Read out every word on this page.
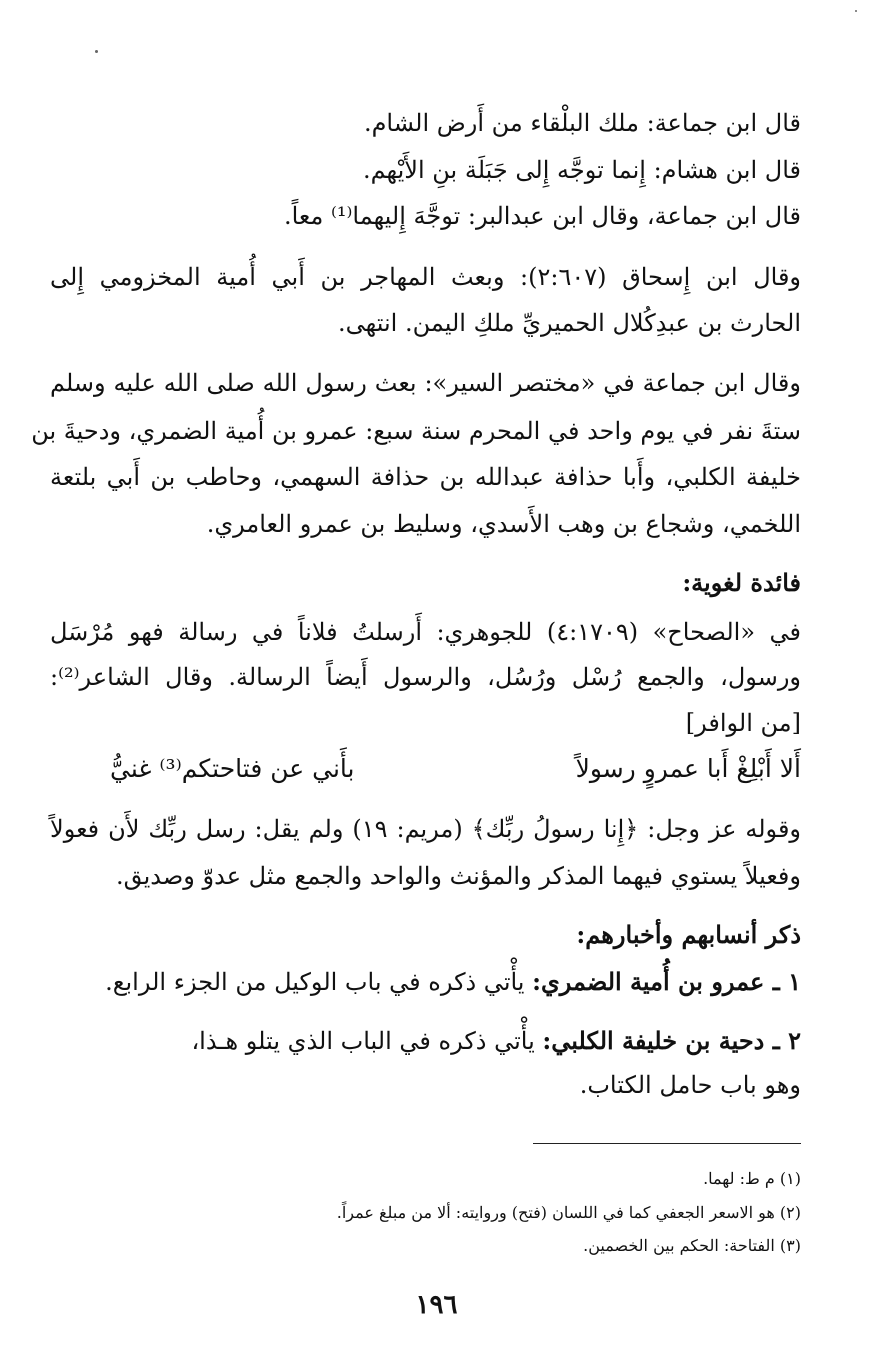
قال ابن جماعة: ملك البلْقاء من أَرض الشام.
قال ابن هشام: إِنما توجَّه إِلى جَبَلَة بنِ الأَيْهم.
قال ابن جماعة، وقال ابن عبدالبر: توجَّهَ إِليهما⁽¹⁾ معاً.
وقال ابن إِسحاق (٢:٦٠٧): وبعث المهاجر بن أَبي أُمية المخزومي إِلى
الحارث بن عبدِكُلال الحميريِّ ملكِ اليمن. انتهى.
وقال ابن جماعة في «مختصر السير»: بعث رسول الله صلى الله عليه وسلم
ستةَ نفر في يوم واحد في المحرم سنة سبع: عمرو بن أُمية الضمري، ودحيةَ بن
خليفة الكلبي، وأَبا حذافة عبدالله بن حذافة السهمي، وحاطب بن أَبي بلتعة
اللخمي، وشجاع بن وهب الأَسدي، وسليط بن عمرو العامري.
فائدة لغوية:
في «الصحاح» (٤:١٧٠٩) للجوهري: أَرسلتُ فلاناً في رسالة فهو مُرْسَل
ورسول، والجمع رُسْل ورُسُل، والرسول أَيضاً الرسالة. وقال الشاعر⁽²⁾:
[من الوافر]
أَلا أَبْلِغْ أَبا عمروٍ رسولاً
بأَني عن فتاحتكم⁽³⁾ غنيُّ
وقوله عز وجل: ﴿إِنا رسولُ ربِّك﴾ (مريم: ١٩) ولم يقل: رسل ربِّك لأَن فعولاً
وفعيلاً يستوي فيهما المذكر والمؤنث والواحد والجمع مثل عدوّ وصديق.
ذكر أنسابهم وأخبارهم:
١ ـ عمرو بن أُمية الضمري: يأْتي ذكره في باب الوكيل من الجزء الرابع.
٢ ـ دحية بن خليفة الكلبي: يأْتي ذكره في الباب الذي يتلو هـذا،
وهو باب حامل الكتاب.
(١) م ط: لهما.
(٢) هو الاسعر الجعفي كما في اللسان (فتح) وروايته: ألا من مبلغ عمراً.
(٣) الفتاحة: الحكم بين الخصمين.
١٩٦
